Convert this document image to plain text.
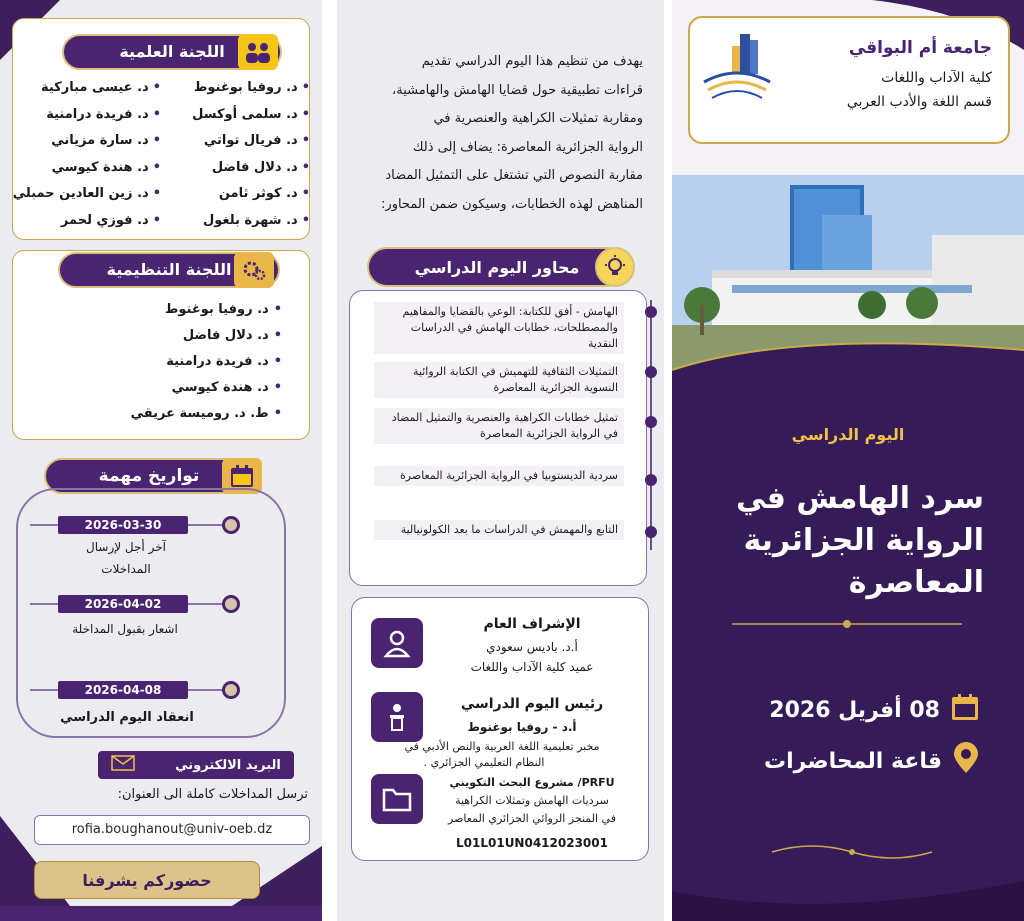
اللجنة العلمية
• د. روفيا بوغنوط
• د. عيسى مباركية
• د. سلمى أوكسل
• د. فريدة درامنية
• د. فريال تواتي
• د. سارة مزياني
• د. دلال فاضل
• د. هندة كيوسي
• د. كوثر ثامن
• د. زين العادين حمبلي
• د. شهرة بلغول
• د. فوزي لحمر
اللجنة التنظيمية
• د. روفيا بوغنوط
• د. دلال فاضل
• د. فريدة درامنية
• د. هندة كيوسي
• ط. د. روميسة عريقي
تواريخ مهمة
2026-03-30
آخر أجل لإرسال
المداخلات
2026-04-02
اشعار بقبول المداخلة
2026-04-08
انعقاد اليوم الدراسي
البريد الالكتروني
ترسل المداخلات كاملة الى العنوان:
rofia.boughanout@univ-oeb.dz
حضوركم يشرفنا
يهدف من تنظيم هذا اليوم الدراسي تقديم
قراءات تطبيقية حول قضايا الهامش والهامشية،
ومقاربة تمثيلات الكراهية والعنصرية في
الرواية الجزائرية المعاصرة: يضاف إلى ذلك
مقاربة النصوص التي تشتغل على التمثيل المضاد
المناهض لهذه الخطابات، وسيكون ضمن المحاور:
محاور اليوم الدراسي
الهامش - أفق للكتابة: الوعي بالقضايا والمفاهيم والمصطلحات، خطابات الهامش في الدراسات النقدية
التمثيلات الثقافية للتهميش في الكتابة الروائية النسوية الجزائرية المعاصرة
تمثيل خطابات الكراهية والعنصرية والتمثيل المضاد في الرواية الجزائرية المعاصرة
سردية الديستوبيا في الرواية الجزائرية المعاصرة
التابع والمهمش في الدراسات ما بعد الكولونيالية
الإشراف العام
أ.د. باديس سعودي
عميد كلية الآداب واللغات
رئيس اليوم الدراسي
أ.د - روفيا بوغنوط
مخبر تعليمية اللغة العربية والنص الأدبي في
النظام التعليمي الجزائري .
PRFU/ مشروع البحث التكويني
سرديات الهامش وتمثلات الكراهية
في المنجز الروائي الجزائري المعاصر
L01L01UN0412023001
جامعة أم البواقي
كلية الآداب واللغات
قسم اللغة والأدب العربي
اليوم الدراسي
سرد الهامش في
الرواية الجزائرية
المعاصرة
08 أفريل 2026
قاعة المحاضرات
